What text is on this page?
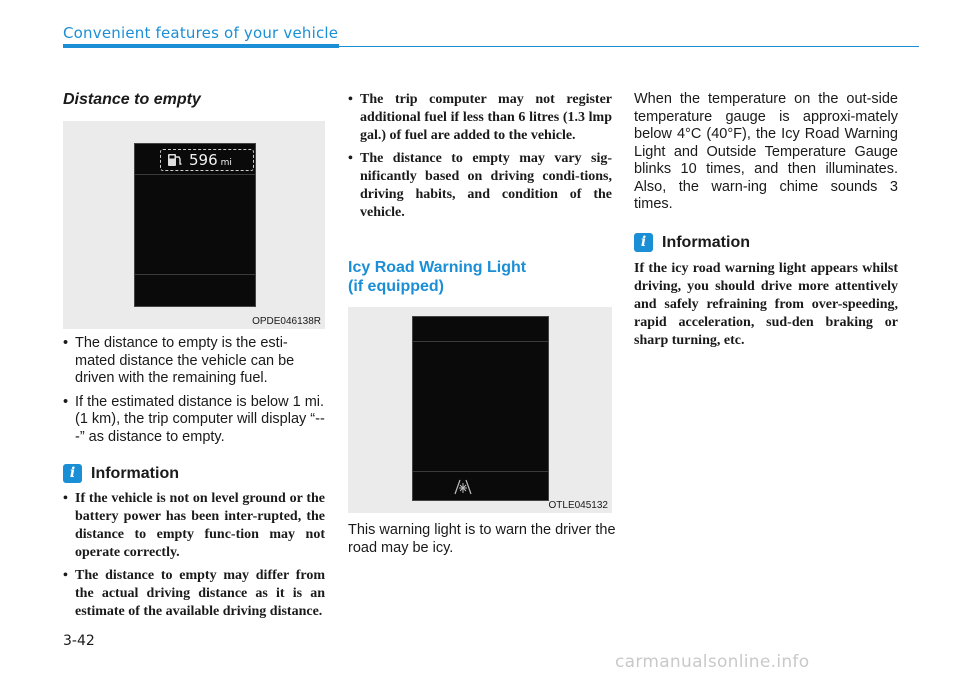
Convenient features of your vehicle
Distance to empty
596 mi
OPDE046138R
• The distance to empty is the esti-mated distance the vehicle can be driven with the remaining fuel.
• If the estimated distance is below 1 mi. (1 km), the trip computer will display “---” as distance to empty.
i Information
• If the vehicle is not on level ground or the battery power has been inter-rupted, the distance to empty func-tion may not operate correctly.
• The distance to empty may differ from the actual driving distance as it is an estimate of the available driving distance.
• The trip computer may not register additional fuel if less than 6 litres (1.3 lmp gal.) of fuel are added to the vehicle.
• The distance to empty may vary sig-nificantly based on driving condi-tions, driving habits, and condition of the vehicle.
Icy Road Warning Light
(if equipped)
OTLE045132
This warning light is to warn the driver the road may be icy.
When the temperature on the out-side temperature gauge is approxi-mately below 4°C (40°F), the Icy Road Warning Light and Outside Temperature Gauge blinks 10 times, and then illuminates. Also, the warn-ing chime sounds 3 times.
i Information
If the icy road warning light appears whilst driving, you should drive more attentively and safely refraining from over-speeding, rapid acceleration, sud-den braking or sharp turning, etc.
3-42
carmanualsonline.info
